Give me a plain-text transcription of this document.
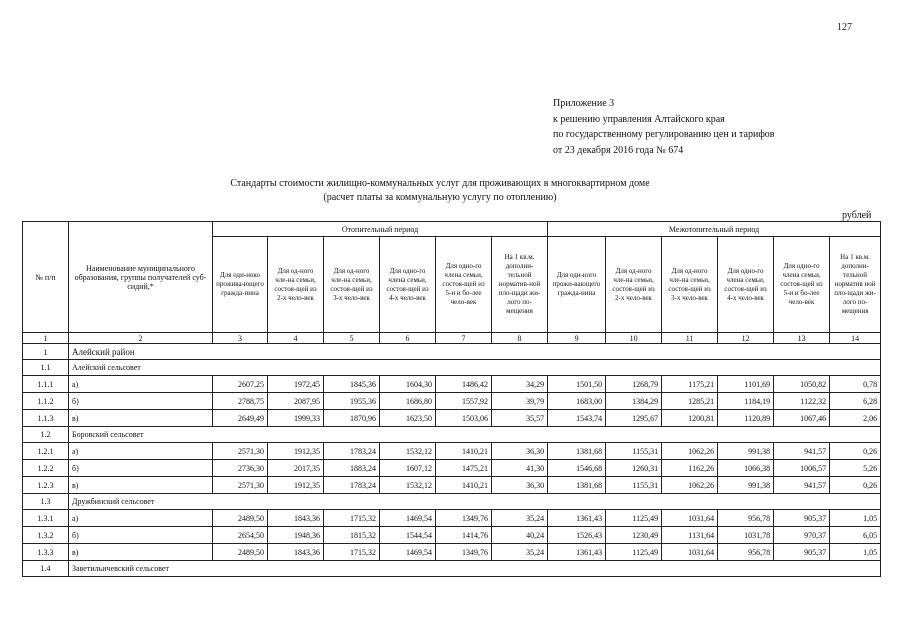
127
Приложение 3
к решению управления Алтайского края
по государственному регулированию цен и тарифов
от 23 декабря 2016 года № 674
Стандарты стоимости жилищно-коммунальных услуг для проживающих в многоквартирном доме
(расчет платы за коммунальную услугу по отоплению)
рублей
№ п/п	Наименование муниципального образования, группы получателей суб-сидий,*	Отопительный период						Межотопительный период					
		Для оди-ноко прожива-ющего гражда-нина	Для од-ного чле-на семьи, состоя-щей из 2-х чело-век	Для од-ного чле-на семьи, состоя-щей из 3-х чело-век	Для одно-го члена семьи, состоя-щей из 4-х чело-век	Для одно-го члена семьи, состоя-щей из 5-и и бо-лее чело-век	На 1 кв.м. дополни-тельной норматив-ной пло-щади жи-лого по-мещения	Для оди-ного прожи-вающего гражда-нина	Для од-ного чле-на семьи, состоя-щей из 2-х чело-век	Для од-ного чле-на семьи, состоя-щей из 3-х чело-век	Для одно-го члена семьи, состоя-щей из 4-х чело-век	Для одно-го члена семьи, состоя-щей из 5-и и бо-лее чело-век	На 1 кв.м. дополни-тельной норматив ной пло-щади жи-лого по-мещения
1	2	3	4	5	6	7	8	9	10	11	12	13	14
1	Алейский район												
1.1	Алейский сельсовет												
1.1.1	а)	2607,25	1972,45	1845,36	1604,30	1486,42	34,29	1501,50	1268,79	1175,21	1101,69	1050,82	0,78
1.1.2	б)	2788,75	2087,95	1955,36	1686,80	1557,92	39,79	1683,00	1384,29	1285,21	1184,19	1122,32	6,28
1.1.3	в)	2649,49	1999,33	1870,96	1623,50	1503,06	35,57	1543,74	1295,67	1200,81	1120,89	1067,46	2,06
1.2	Боровский сельсовет												
1.2.1	а)	2571,30	1912,35	1783,24	1532,12	1410,21	36,30	1381,68	1155,31	1062,26	991,38	941,57	0,26
1.2.2	б)	2736,30	2017,35	1883,24	1607,12	1475,21	41,30	1546,68	1260,31	1162,26	1066,38	1006,57	5,26
1.2.3	в)	2571,30	1912,35	1783,24	1532,12	1410,21	36,30	1381,68	1155,31	1062,26	991,38	941,57	0,26
1.3	Дружбинский сельсовет												
1.3.1	а)	2489,50	1843,36	1715,32	1469,54	1349,76	35,24	1361,43	1125,49	1031,64	956,78	905,37	1,05
1.3.2	б)	2654,50	1948,36	1815,32	1544,54	1414,76	40,24	1526,43	1230,49	1131,64	1031,78	970,37	6,05
1.3.3	в)	2489,50	1843,36	1715,32	1469,54	1349,76	35,24	1361,43	1125,49	1031,64	956,78	905,37	1,05
1.4	Заветильичевский сельсовет												
